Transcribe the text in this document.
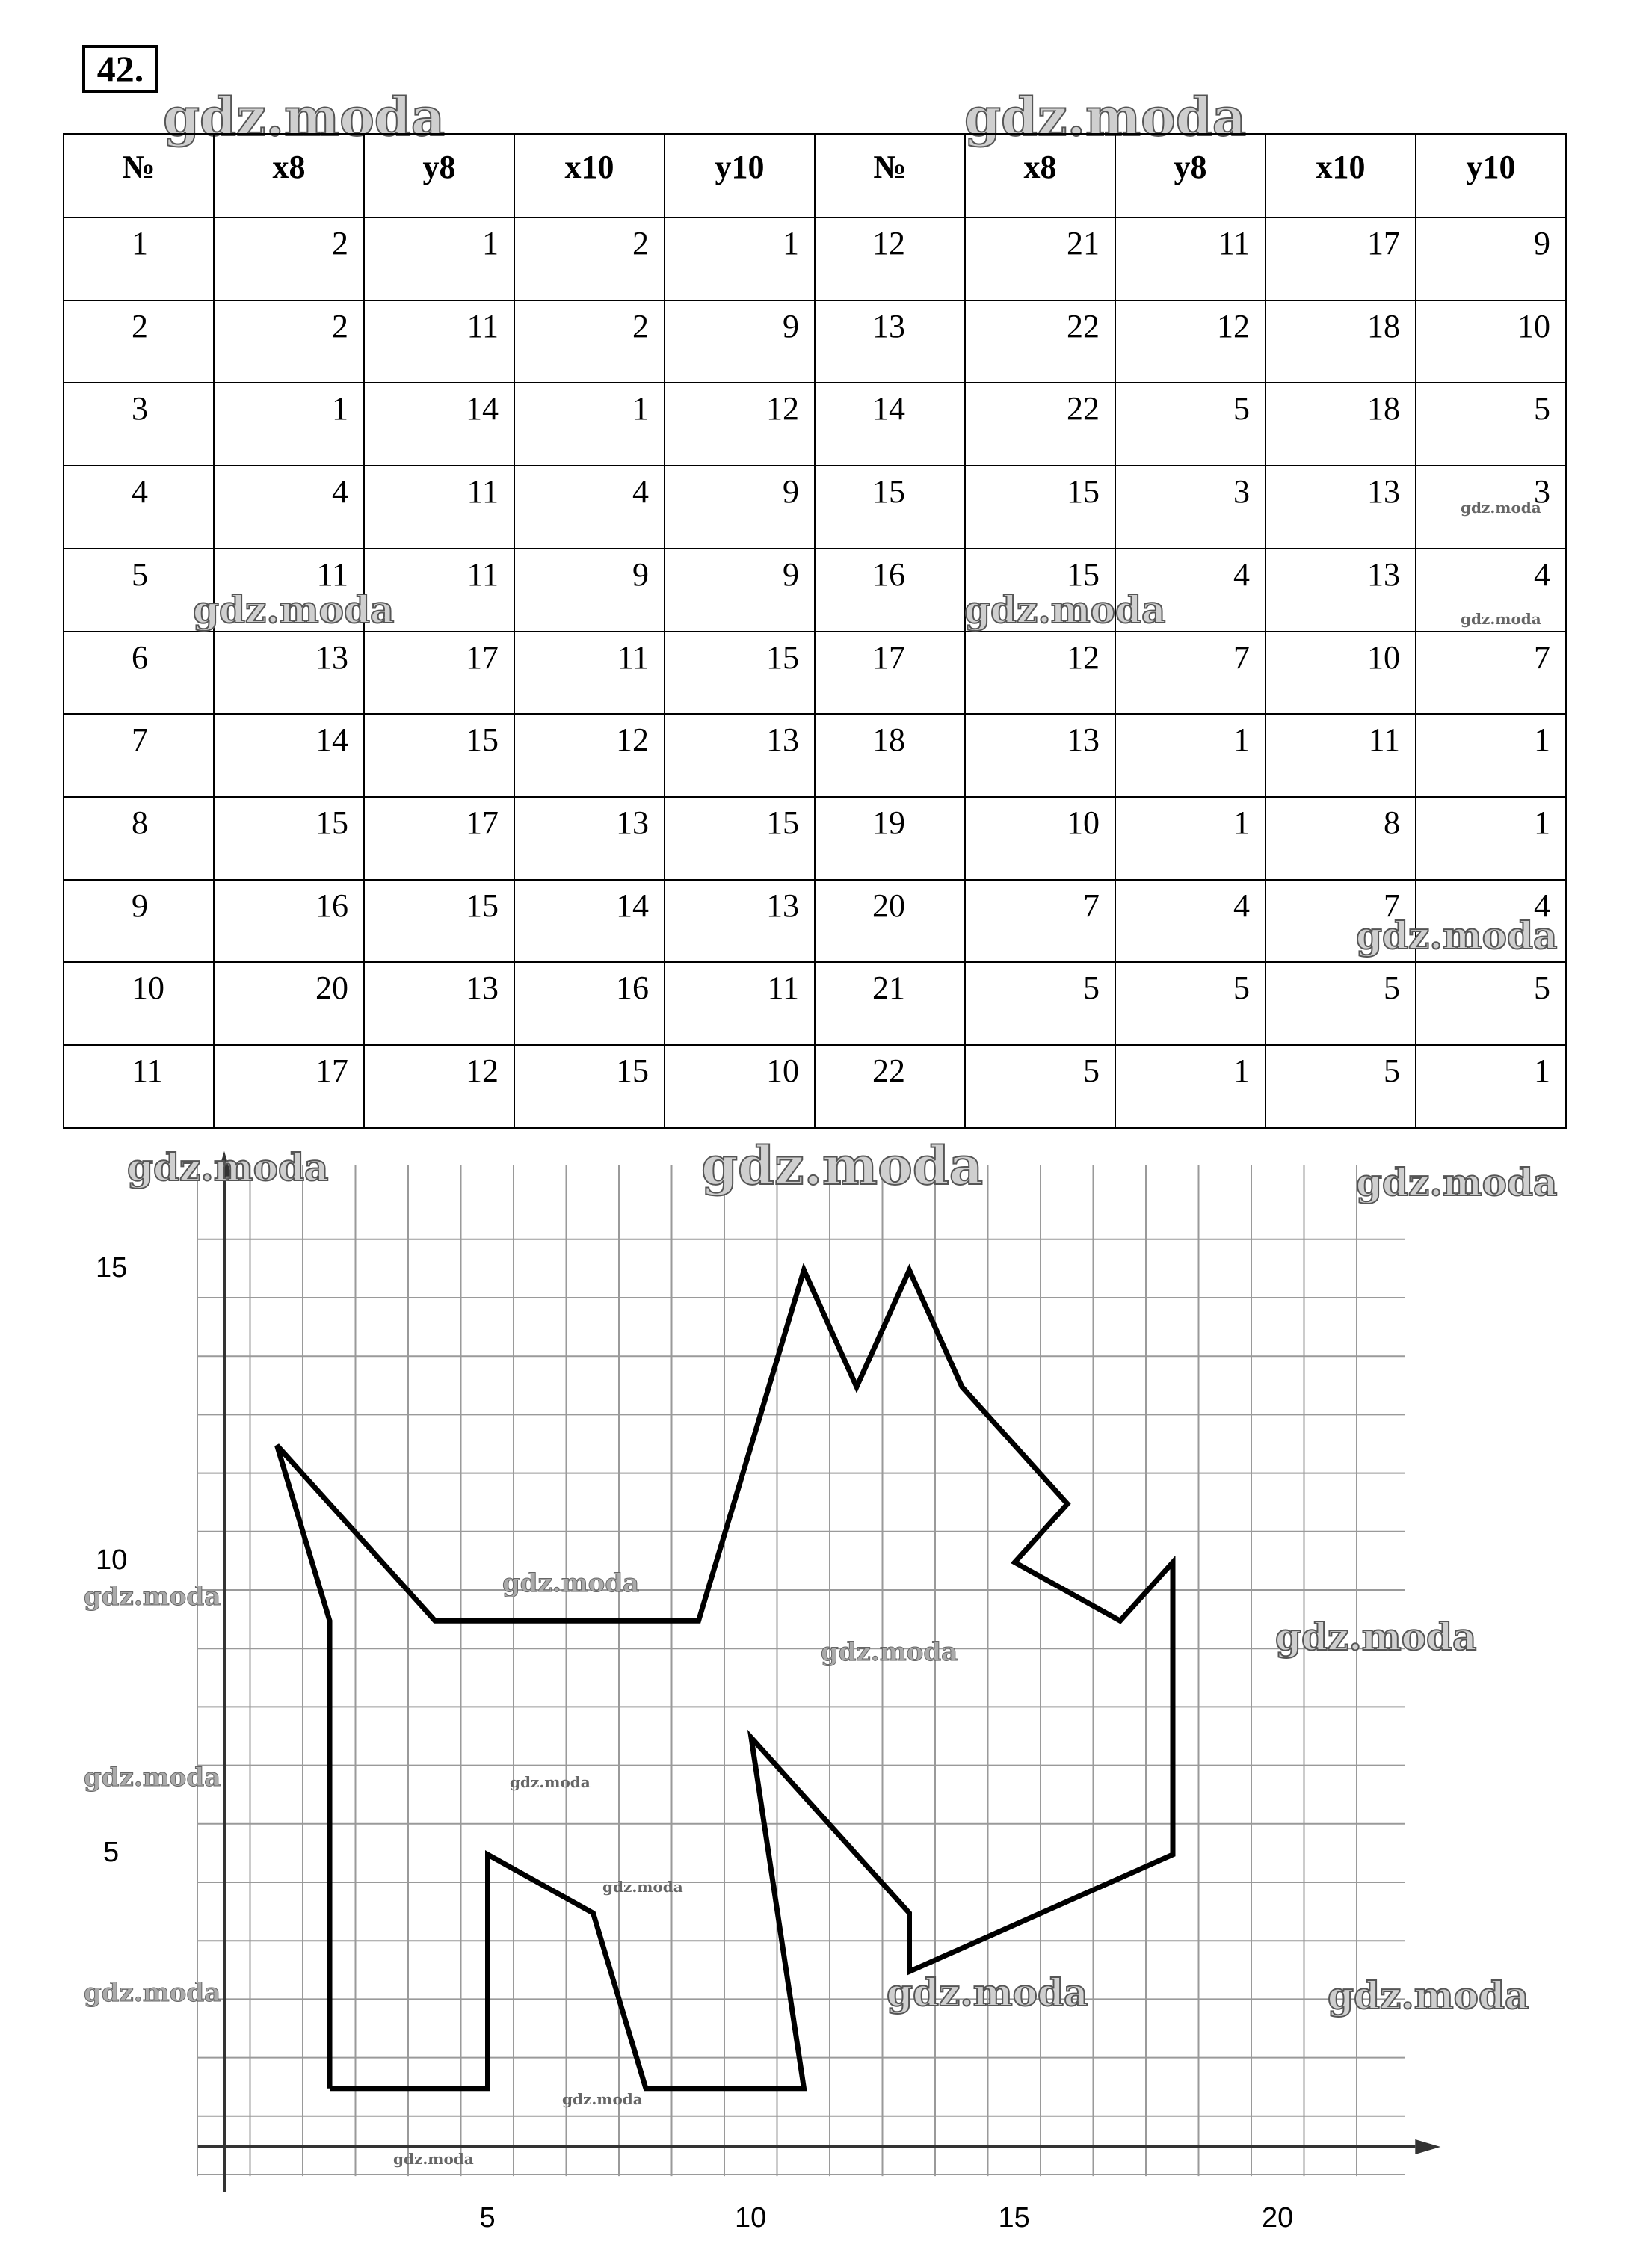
42.
gdz.moda	gdz.moda
№	x8	y8	x10	y10	№	x8	y8	x10	y10
1	2	1	2	1	12	21	11	17	9
2	2	11	2	9	13	22	12	18	10
3	1	14	1	12	14	22	5	18	5
4	4	11	4	9	15	15	3	13	3
5	11	11	9	9	16	15	4	13	4
6	13	17	11	15	17	12	7	10	7
7	14	15	12	13	18	13	1	11	1
8	15	17	13	15	19	10	1	8	1
9	16	15	14	13	20	7	4	7	4
10	20	13	16	11	21	5	5	5	5
11	17	12	15	10	22	5	1	5	1
gdz.moda	gdz.moda
gdz.moda
gdz.moda
gdz.moda
5	10	15	20
5
10
15
gdz.moda	gdz.moda	gdz.moda
gdz.moda	gdz.moda
gdz.moda	gdz.moda
gdz.moda	gdz.moda
gdz.moda
gdz.moda	gdz.moda
gdz.moda
gdz.moda
gdz.moda
